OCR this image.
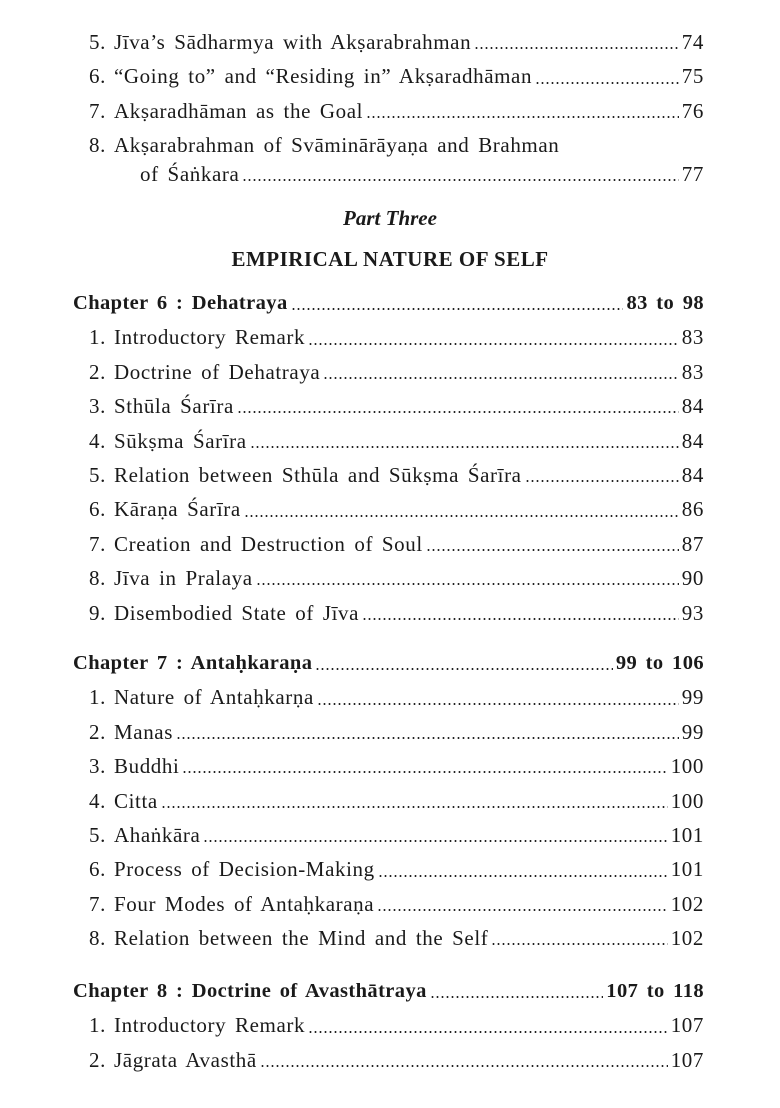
5. Jīva’s Sādharmya with Akṣarabrahman	74
6. “Going to” and “Residing in” Akṣaradhāman	75
7. Akṣaradhāman as the Goal	76
8. Akṣarabrahman of Svāminārāyaṇa and Brahman
of Śaṅkara	77
Part Three
EMPIRICAL NATURE OF SELF
Chapter 6 : Dehatraya	83 to 98
1. Introductory Remark	83
2. Doctrine of Dehatraya	83
3. Sthūla Śarīra	84
4. Sūkṣma Śarīra	84
5. Relation between Sthūla and Sūkṣma Śarīra	84
6. Kāraṇa Śarīra	86
7. Creation and Destruction of Soul	87
8. Jīva in Pralaya	90
9. Disembodied State of Jīva	93
Chapter 7 : Antaḥkaraṇa	99 to 106
1. Nature of Antaḥkarṇa	99
2. Manas	99
3. Buddhi	100
4. Citta	100
5. Ahaṅkāra	101
6. Process of Decision-Making	101
7. Four Modes of Antaḥkaraṇa	102
8. Relation between the Mind and the Self	102
Chapter 8 : Doctrine of Avasthātraya	107 to 118
1. Introductory Remark	107
2. Jāgrata Avasthā	107
